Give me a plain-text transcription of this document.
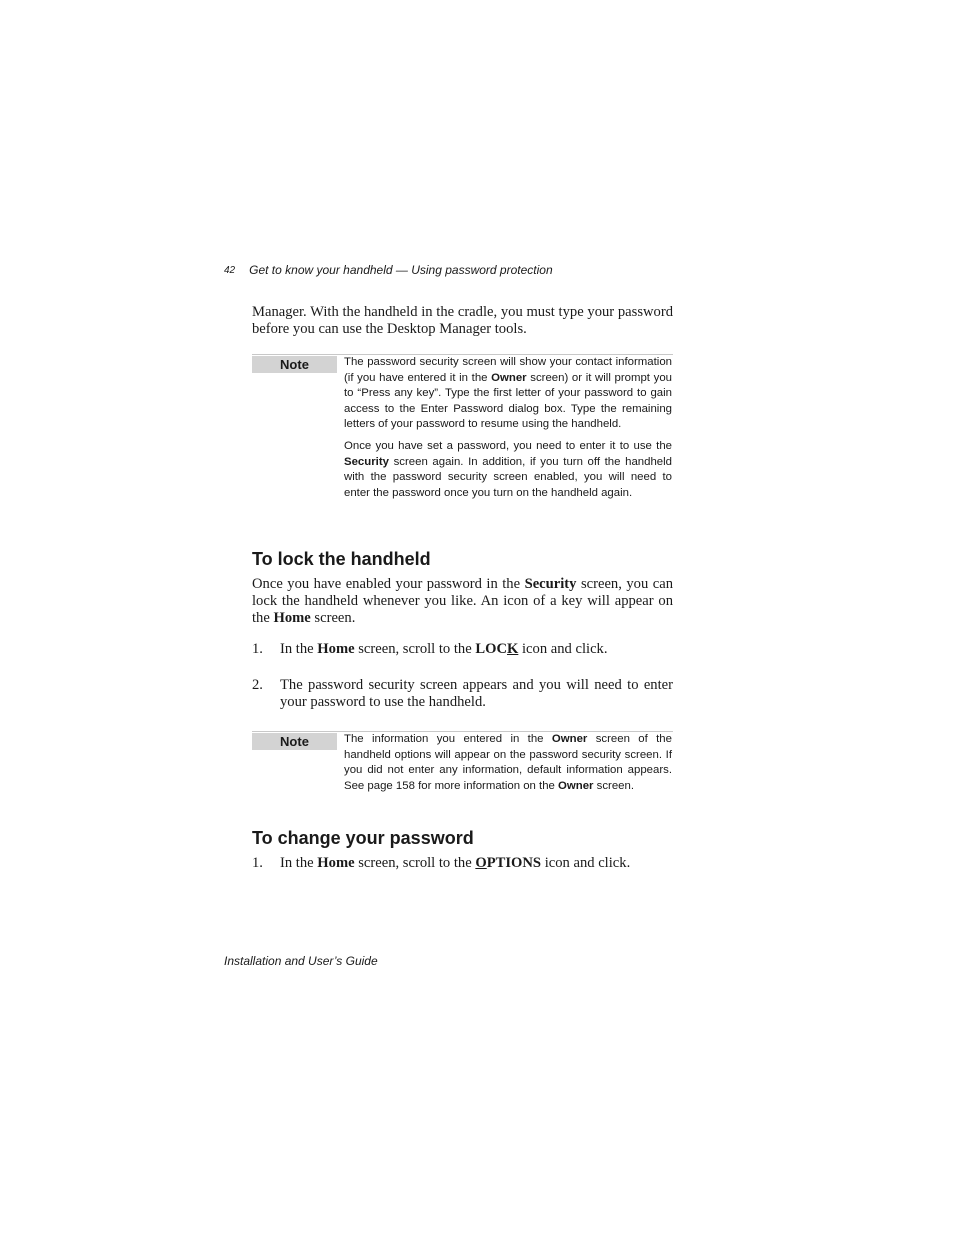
42 Get to know your handheld — Using password protection
Manager. With the handheld in the cradle, you must type your password before you can use the Desktop Manager tools.
Note	The password security screen will show your contact information (if you have entered it in the Owner screen) or it will prompt you to “Press any key”. Type the first letter of your password to gain access to the Enter Password dialog box. Type the remaining letters of your password to resume using the handheld.

Once you have set a password, you need to enter it to use the Security screen again. In addition, if you turn off the handheld with the password security screen enabled, you will need to enter the password once you turn on the handheld again.

To lock the handheld
Once you have enabled your password in the Security screen, you can lock the handheld whenever you like. An icon of a key will appear on the Home screen.
1. In the Home screen, scroll to the LOCK icon and click.
2. The password security screen appears and you will need to enter your password to use the handheld.
Note	The information you entered in the Owner screen of the handheld options will appear on the password security screen. If you did not enter any information, default information appears. See page 158 for more information on the Owner screen.

To change your password
1. In the Home screen, scroll to the OPTIONS icon and click.
Installation and User’s Guide
